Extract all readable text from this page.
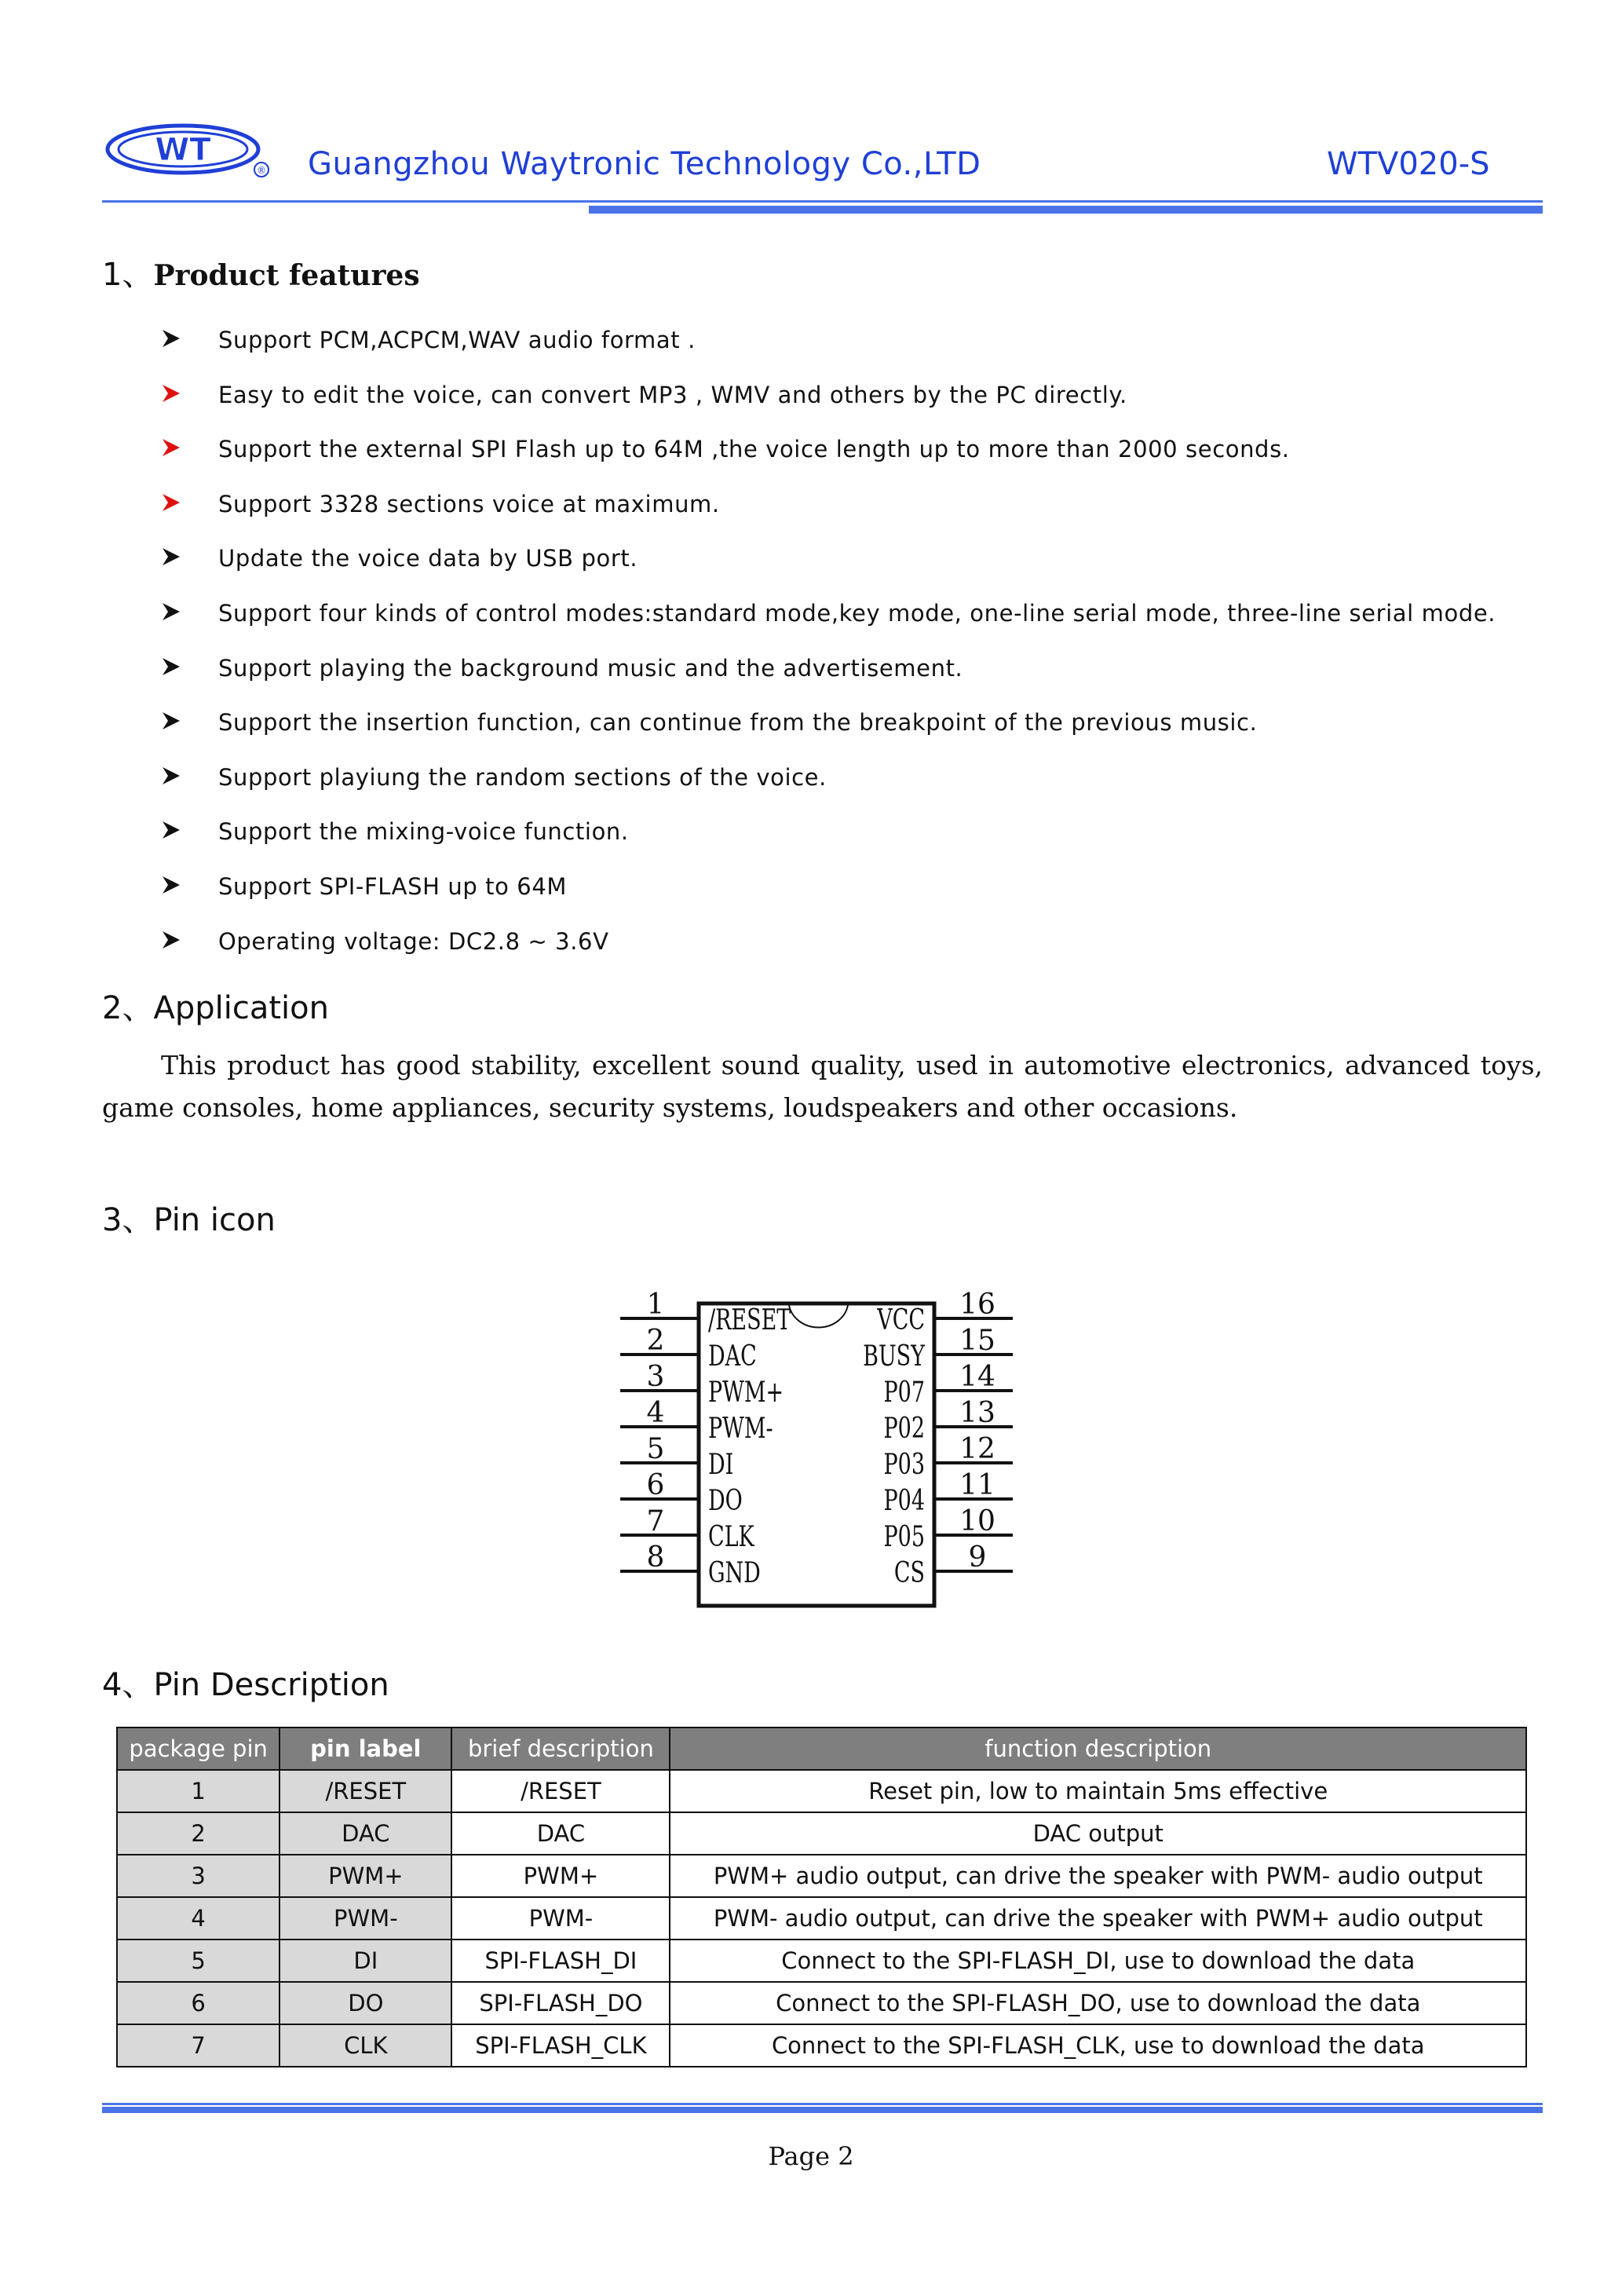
WT
® Guangzhou Waytronic Technology Co.,LTD	WTV020-S
1、Product features
Support PCM,ACPCM,WAV audio format .
Easy to edit the voice, can convert MP3 , WMV and others by the PC directly.
Support the external SPI Flash up to 64M ,the voice length up to more than 2000 seconds.
Support 3328 sections voice at maximum.
Update the voice data by USB port.
Support four kinds of control modes:standard mode,key mode, one-line serial mode, three-line serial mode.
Support playing the background music and the advertisement.
Support the insertion function, can continue from the breakpoint of the previous music.
Support playiung the random sections of the voice.
Support the mixing-voice function.
Support SPI-FLASH up to 64M
Operating voltage: DC2.8 ~ 3.6V
2、Application
This product has good stability, excellent sound quality, used in automotive electronics, advanced toys, game consoles, home appliances, security systems, loudspeakers and other occasions.
3、Pin icon
1 /RESET
2 DAC
3 PWM+
4 PWM-
5 DI
6 DO
7 CLK
8 GND
16
VCC
15
BUSY
14
P07
13
P02
12
P03
11
P04
10
P05
9
CS
4、Pin Description
package pin	pin label	brief description	function description
1	/RESET	/RESET	Reset pin, low to maintain 5ms effective
2	DAC	DAC	DAC output
3	PWM+	PWM+	PWM+ audio output, can drive the speaker with PWM- audio output
4	PWM-	PWM-	PWM- audio output, can drive the speaker with PWM+ audio output
5	DI	SPI-FLASH_DI	Connect to the SPI-FLASH_DI, use to download the data
6	DO	SPI-FLASH_DO	Connect to the SPI-FLASH_DO, use to download the data
7	CLK	SPI-FLASH_CLK	Connect to the SPI-FLASH_CLK, use to download the data
Page 2
